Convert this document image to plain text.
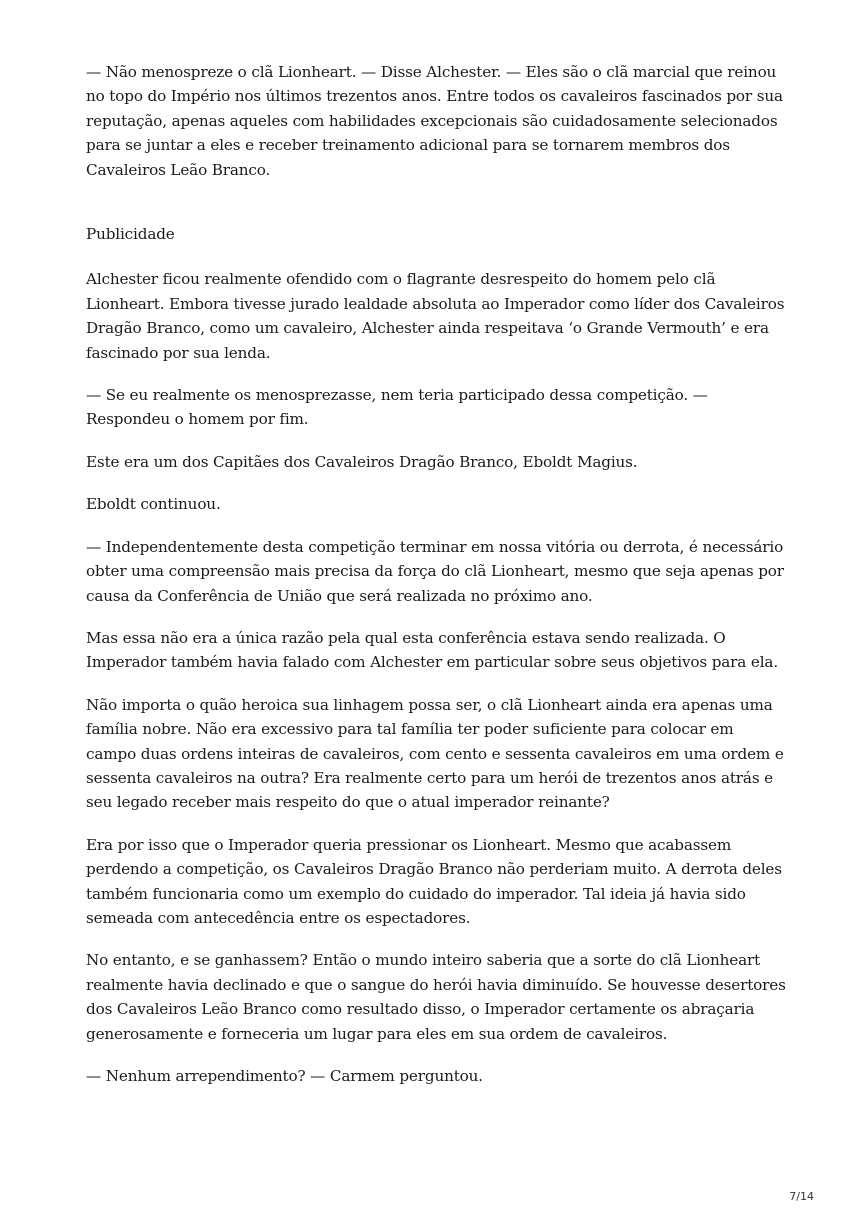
— Não menospreze o clã Lionheart. — Disse Alchester. — Eles são o clã marcial que reinou no topo do Império nos últimos trezentos anos. Entre todos os cavaleiros fascinados por sua reputação, apenas aqueles com habilidades excepcionais são cuidadosamente selecionados para se juntar a eles e receber treinamento adicional para se tornarem membros dos Cavaleiros Leão Branco.

Publicidade

Alchester ficou realmente ofendido com o flagrante desrespeito do homem pelo clã Lionheart. Embora tivesse jurado lealdade absoluta ao Imperador como líder dos Cavaleiros Dragão Branco, como um cavaleiro, Alchester ainda respeitava ‘o Grande Vermouth’ e era fascinado por sua lenda.

— Se eu realmente os menosprezasse, nem teria participado dessa competição. — Respondeu o homem por fim.

Este era um dos Capitães dos Cavaleiros Dragão Branco, Eboldt Magius.

Eboldt continuou.

— Independentemente desta competição terminar em nossa vitória ou derrota, é necessário obter uma compreensão mais precisa da força do clã Lionheart, mesmo que seja apenas por causa da Conferência de União que será realizada no próximo ano.

Mas essa não era a única razão pela qual esta conferência estava sendo realizada. O Imperador também havia falado com Alchester em particular sobre seus objetivos para ela.

Não importa o quão heroica sua linhagem possa ser, o clã Lionheart ainda era apenas uma família nobre. Não era excessivo para tal família ter poder suficiente para colocar em campo duas ordens inteiras de cavaleiros, com cento e sessenta cavaleiros em uma ordem e sessenta cavaleiros na outra? Era realmente certo para um herói de trezentos anos atrás e seu legado receber mais respeito do que o atual imperador reinante?

Era por isso que o Imperador queria pressionar os Lionheart. Mesmo que acabassem perdendo a competição, os Cavaleiros Dragão Branco não perderiam muito. A derrota deles também funcionaria como um exemplo do cuidado do imperador. Tal ideia já havia sido semeada com antecedência entre os espectadores.

No entanto, e se ganhassem? Então o mundo inteiro saberia que a sorte do clã Lionheart realmente havia declinado e que o sangue do herói havia diminuído. Se houvesse desertores dos Cavaleiros Leão Branco como resultado disso, o Imperador certamente os abraçaria generosamente e forneceria um lugar para eles em sua ordem de cavaleiros.

— Nenhum arrependimento? — Carmem perguntou.

7/14
